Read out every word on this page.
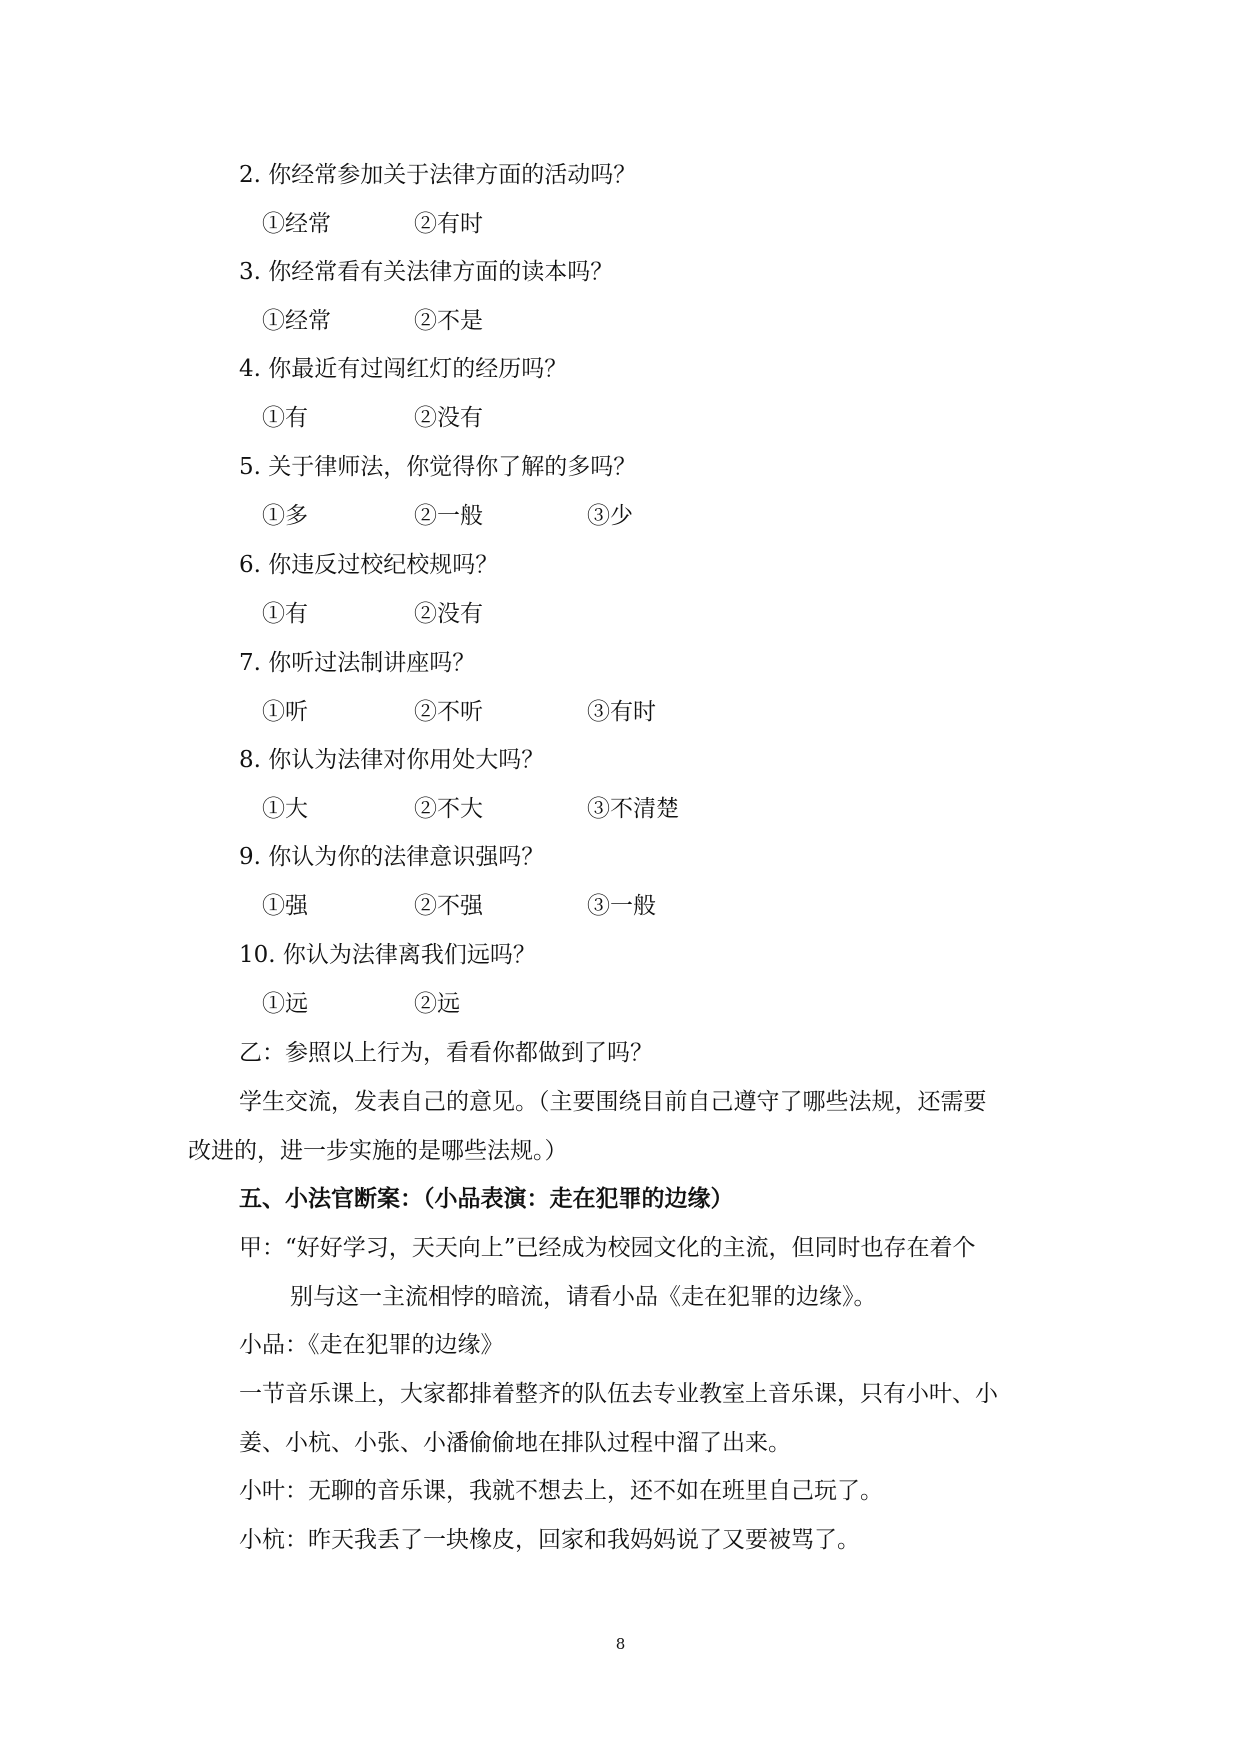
2. 你经常参加关于法律方面的活动吗？
①经常	②有时
3. 你经常看有关法律方面的读本吗？
①经常	②不是
4. 你最近有过闯红灯的经历吗？
①有	②没有
5. 关于律师法，你觉得你了解的多吗？
①多	②一般	③少
6. 你违反过校纪校规吗？
①有	②没有
7. 你听过法制讲座吗？
①听	②不听	③有时
8. 你认为法律对你用处大吗？
①大	②不大	③不清楚
9. 你认为你的法律意识强吗？
①强	②不强	③一般
10. 你认为法律离我们远吗？
①远	②远
乙：参照以上行为，看看你都做到了吗？
学生交流，发表自己的意见。（主要围绕目前自己遵守了哪些法规，还需要
改进的，进一步实施的是哪些法规。）
五、小法官断案：（小品表演：走在犯罪的边缘）
甲：“好好学习，天天向上”已经成为校园文化的主流，但同时也存在着个
别与这一主流相悖的暗流，请看小品《走在犯罪的边缘》。
小品：《走在犯罪的边缘》
一节音乐课上，大家都排着整齐的队伍去专业教室上音乐课，只有小叶、小
姜、小杭、小张、小潘偷偷地在排队过程中溜了出来。
小叶：无聊的音乐课，我就不想去上，还不如在班里自己玩了。
小杭：昨天我丢了一块橡皮，回家和我妈妈说了又要被骂了。
8
